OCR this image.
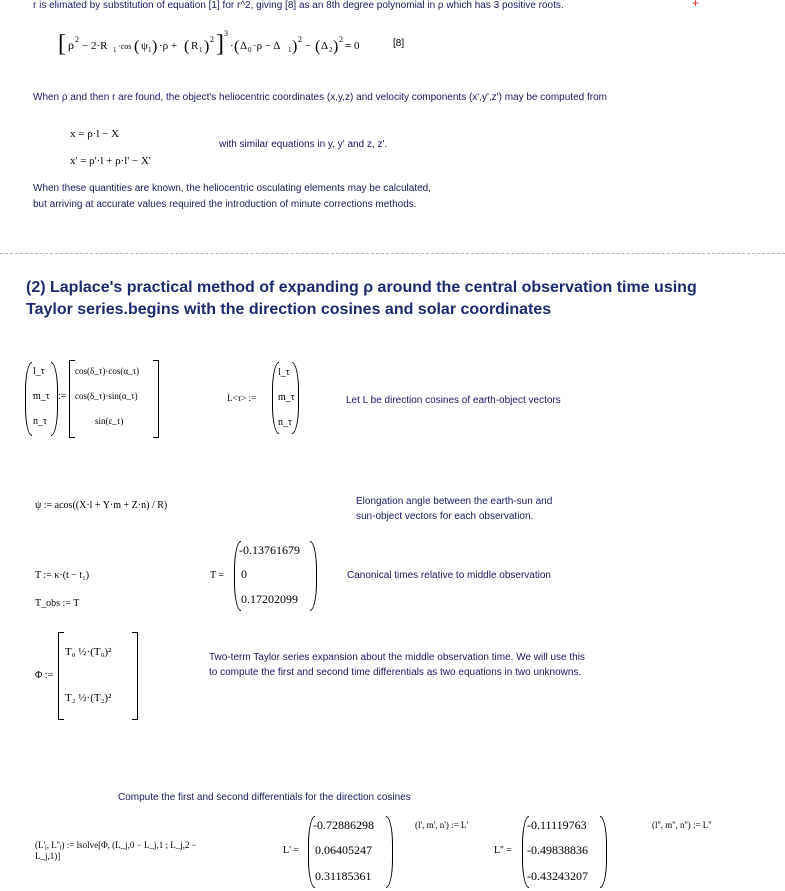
r is elimated by substitution of equation [1] for r^2, giving [8] as an 8th degree polynomial in ρ which has 3 positive roots.	+
[ ρ 2
− 2·R 1 ·cos ( ψ 1 ) ·ρ + ( R 1 ) 2 ] 3
· ( Δ 0 ·ρ − Δ 1 ) 2
− ( Δ 2 ) 2
= 0	[8]
When ρ and then r are found, the object's heliocentric coordinates (x,y,z) and velocity components (x',y',z') may be computed from
x = ρ·l − X
x' = ρ'·l + ρ·l' − X'
with similar equations in y, y' and z, z'.
When these quantities are known, the heliocentric osculating elements may be calculated,
but arriving at accurate values required the introduction of minute corrections methods.
(2) Laplace's practical method of expanding ρ around the central observation time using Taylor series.begins with the direction cosines and solar coordinates
l_τ
m_τ
n_τ
:=
cos(δ_τ)·cos(α_τ)
cos(δ_τ)·sin(α_τ)
sin(ε_τ)
L<τ> :=
l_τ
m_τ
n_τ
Let L be direction cosines of earth-object vectors
ψ := acos((X·l + Y·m + Z·n) / R)	Elongation angle between the earth-sun and
sun-object vectors for each observation.
T := κ·(t − t₁)
T_obs := T
T =
-0.13761679
0
0.17202099
Canonical times relative to middle observation
Φ :=
T₀ ½·(T₀)²
T₂ ½·(T₂)²
Two-term Taylor series expansion about the middle observation time. We will use this
to compute the first and second time differentials as two equations in two unknowns.
Compute the first and second differentials for the direction cosines
(L'ⱼ, L''ⱼ) := lsolve[Φ, (L_j,0 − L_j,1 ; L_j,2 − L_j,1)]	L' =
-0.72886298
0.06405247
0.31185361
(l', m', n') := L'
L'' =
-0.11119763
-0.49838836
-0.43243207
(l'', m'', n'') := L''
